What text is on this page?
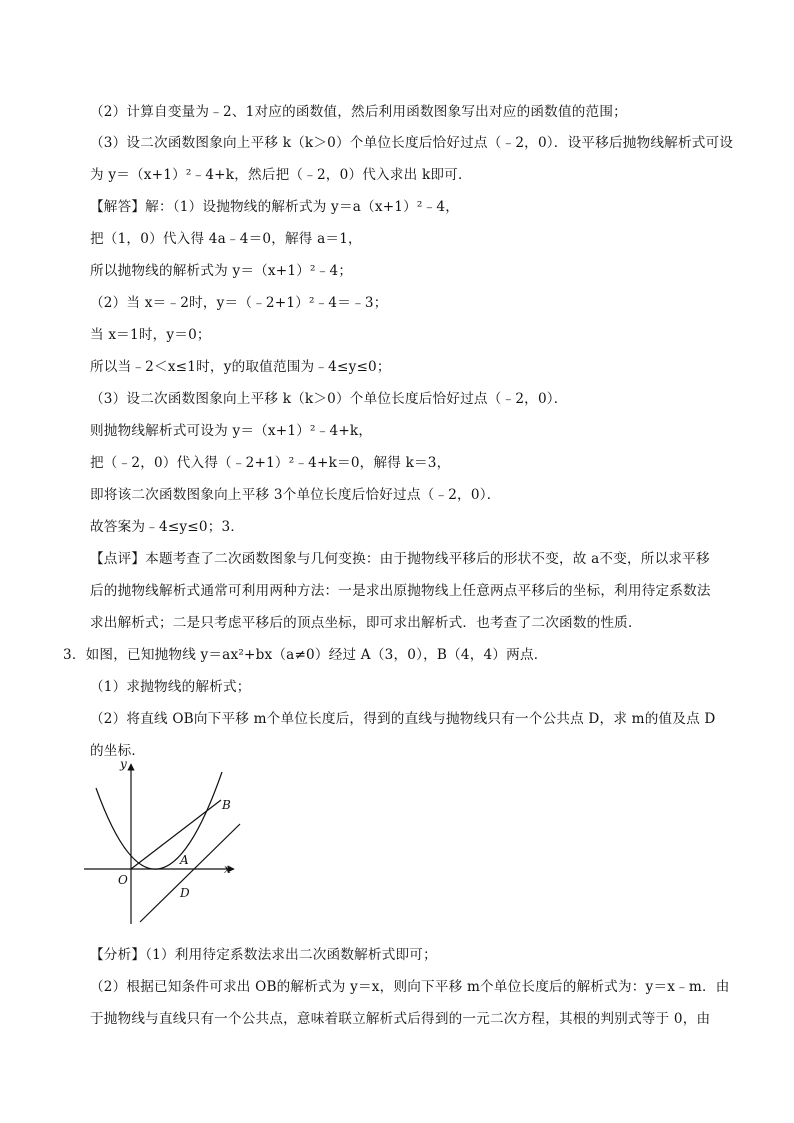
（2）计算自变量为﹣2、1对应的函数值，然后利用函数图象写出对应的函数值的范围；
（3）设二次函数图象向上平移 k（k＞0）个单位长度后恰好过点（﹣2，0）．设平移后抛物线解析式可设
为 y＝（x+1）²﹣4+k，然后把（﹣2，0）代入求出 k即可．
【解答】解：（1）设抛物线的解析式为 y＝a（x+1）²﹣4，
把（1，0）代入得 4a﹣4＝0，解得 a＝1，
所以抛物线的解析式为 y＝（x+1）²﹣4；
（2）当 x＝﹣2时，y＝（﹣2+1）²﹣4＝﹣3；
当 x＝1时，y＝0；
所以当﹣2＜x≤1时，y的取值范围为﹣4≤y≤0；
（3）设二次函数图象向上平移 k（k＞0）个单位长度后恰好过点（﹣2，0）．
则抛物线解析式可设为 y＝（x+1）²﹣4+k，
把（﹣2，0）代入得（﹣2+1）²﹣4+k＝0，解得 k＝3，
即将该二次函数图象向上平移 3个单位长度后恰好过点（﹣2，0）．
故答案为﹣4≤y≤0；3．
【点评】本题考查了二次函数图象与几何变换：由于抛物线平移后的形状不变，故 a不变，所以求平移
后的抛物线解析式通常可利用两种方法：一是求出原抛物线上任意两点平移后的坐标，利用待定系数法
求出解析式；二是只考虑平移后的顶点坐标，即可求出解析式．也考查了二次函数的性质．
3．如图，已知抛物线 y＝ax²+bx（a≠0）经过 A（3，0），B（4，4）两点．
（1）求抛物线的解析式；
（2）将直线 OB向下平移 m个单位长度后，得到的直线与抛物线只有一个公共点 D，求 m的值及点 D
的坐标．
y
x
O
A
B
D
【分析】（1）利用待定系数法求出二次函数解析式即可；
（2）根据已知条件可求出 OB的解析式为 y＝x，则向下平移 m个单位长度后的解析式为：y＝x﹣m．由
于抛物线与直线只有一个公共点，意味着联立解析式后得到的一元二次方程，其根的判别式等于 0，由
